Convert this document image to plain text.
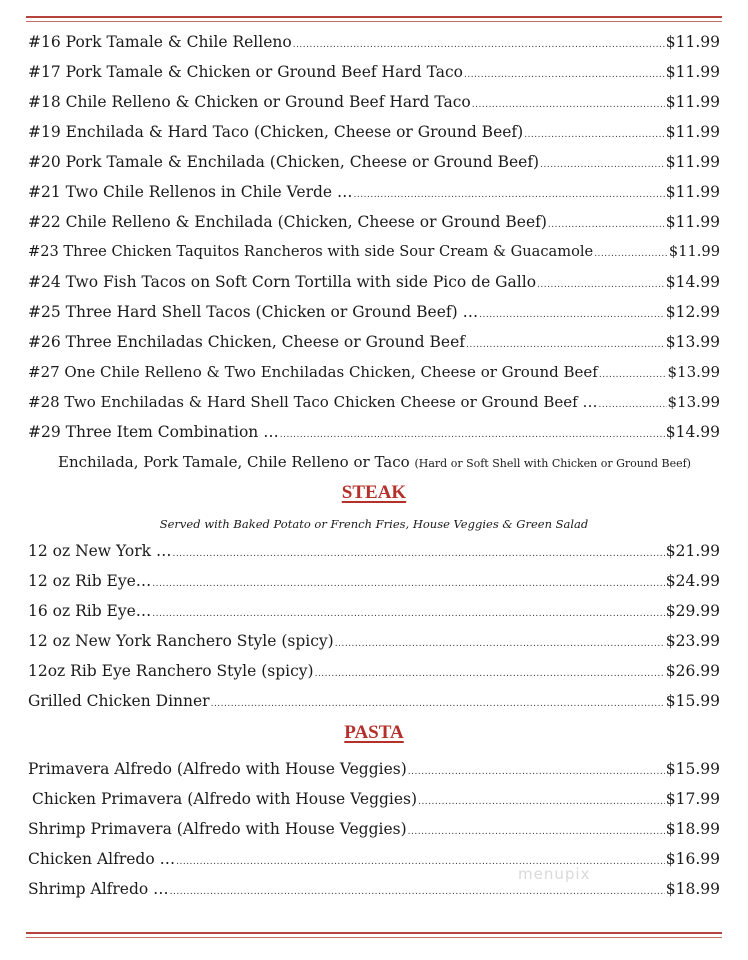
#16 Pork Tamale & Chile Relleno .....	$11.99
#17 Pork Tamale & Chicken or Ground Beef Hard Taco .....	$11.99
#18 Chile Relleno & Chicken or Ground Beef Hard Taco .....	$11.99
#19 Enchilada & Hard Taco (Chicken, Cheese or Ground Beef) .....	$11.99
#20 Pork Tamale & Enchilada (Chicken, Cheese or Ground Beef) .....	$11.99
#21 Two Chile Rellenos in Chile Verde … .....	$11.99
#22 Chile Relleno & Enchilada (Chicken, Cheese or Ground Beef) .....	$11.99
#23 Three Chicken Taquitos Rancheros with side Sour Cream & Guacamole .....	$11.99
#24 Two Fish Tacos on Soft Corn Tortilla with side Pico de Gallo .....	$14.99
#25 Three Hard Shell Tacos (Chicken or Ground Beef) … .....	$12.99
#26 Three Enchiladas Chicken, Cheese or Ground Beef .....	$13.99
#27 One Chile Relleno & Two Enchiladas Chicken, Cheese or Ground Beef .....	$13.99
#28 Two Enchiladas & Hard Shell Taco Chicken Cheese or Ground Beef … .....	$13.99
#29 Three Item Combination … .....	$14.99
Enchilada, Pork Tamale, Chile Relleno or Taco (Hard or Soft Shell with Chicken or Ground Beef)
STEAK
Served with Baked Potato or French Fries, House Veggies & Green Salad
12 oz New York … .....	$21.99
12 oz Rib Eye… .....	$24.99
16 oz Rib Eye… .....	$29.99
12 oz New York Ranchero Style (spicy) .....	$23.99
12oz Rib Eye Ranchero Style (spicy) .....	$26.99
Grilled Chicken Dinner .....	$15.99
PASTA
Primavera Alfredo (Alfredo with House Veggies) .....	$15.99
Chicken Primavera (Alfredo with House Veggies) .....	$17.99
Shrimp Primavera (Alfredo with House Veggies) .....	$18.99
Chicken Alfredo … .....	$16.99
Shrimp Alfredo … .....	$18.99
menupix
